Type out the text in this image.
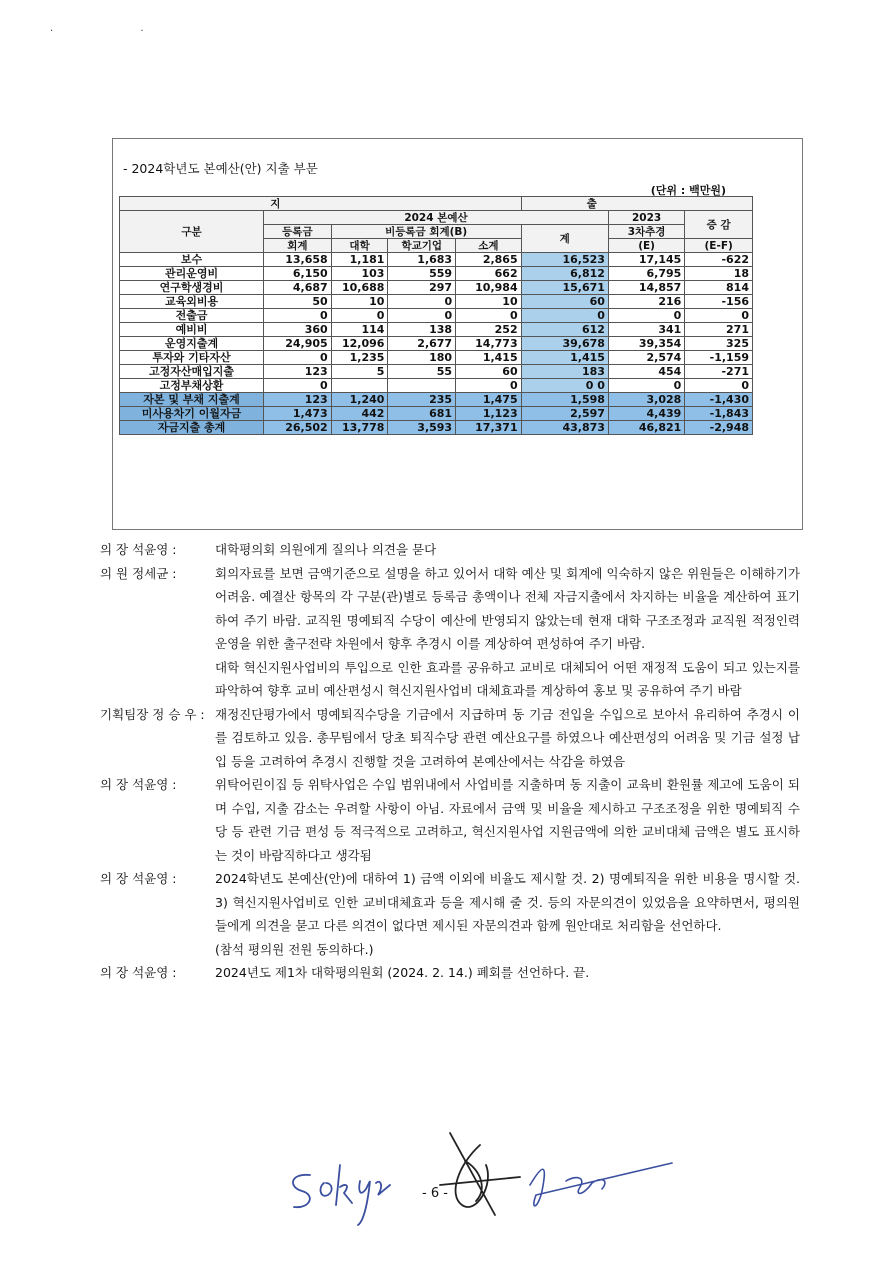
· ·
- 2024학년도 본예산(안) 지출 부문
(단위 : 백만원)
지					출		
구분	2024 본예산					2023	증 감
	등록금	비등록금 회계(B)			계	3차추경	
	회계	대학	학교기업	소계		(E)	(E-F)
보수	13,658	1,181	1,683	2,865	16,523	17,145	-622
관리운영비	6,150	103	559	662	6,812	6,795	18
연구학생경비	4,687	10,688	297	10,984	15,671	14,857	814
교육외비용	50	10	0	10	60	216	-156
전출금	0	0	0	0	0	0	0
예비비	360	114	138	252	612	341	271
운영지출계	24,905	12,096	2,677	14,773	39,678	39,354	325
투자와 기타자산	0	1,235	180	1,415	1,415	2,574	-1,159
고정자산매입지출	123	5	55	60	183	454	-271
고정부채상환	0			0	0 0	0	0
자본 및 부채 지출계	123	1,240	235	1,475	1,598	3,028	-1,430
미사용차기 이월자금	1,473	442	681	1,123	2,597	4,439	-1,843
자금지출 총계	26,502	13,778	3,593	17,371	43,873	46,821	-2,948
의 장 석윤영 :	대학평의회 의원에게 질의나 의견을 묻다
의 원 정세균 :	회의자료를 보면 금액기준으로 설명을 하고 있어서 대학 예산 및 회계에 익숙하지 않은 위원들은 이해하기가 어려움. 예결산 항목의 각 구분(관)별로 등록금 총액이나 전체 자금지출에서 차지하는 비율을 계산하여 표기하여 주기 바람. 교직원 명예퇴직 수당이 예산에 반영되지 않았는데 현재 대학 구조조정과 교직원 적정인력 운영을 위한 출구전략 차원에서 향후 추경시 이를 계상하여 편성하여 주기 바람.
대학 혁신지원사업비의 투입으로 인한 효과를 공유하고 교비로 대체되어 어떤 재정적 도움이 되고 있는지를 파악하여 향후 교비 예산편성시 혁신지원사업비 대체효과를 계상하여 홍보 및 공유하여 주기 바람
기획팀장 정 승 우 : 재정진단평가에서 명예퇴직수당을 기금에서 지급하며 동 기금 전입을 수입으로 보아서 유리하여 추경시 이를 검토하고 있음. 총무팀에서 당초 퇴직수당 관련 예산요구를 하였으나 예산편성의 어려움 및 기금 설정 납입 등을 고려하여 추경시 진행할 것을 고려하여 본예산에서는 삭감을 하였음
의 장 석윤영 :	위탁어린이집 등 위탁사업은 수입 범위내에서 사업비를 지출하며 동 지출이 교육비 환원률 제고에 도움이 되며 수입, 지출 감소는 우려할 사항이 아님. 자료에서 금액 및 비율을 제시하고 구조조정을 위한 명예퇴직 수당 등 관련 기금 편성 등 적극적으로 고려하고, 혁신지원사업 지원금액에 의한 교비대체 금액은 별도 표시하는 것이 바람직하다고 생각됨
의 장 석윤영 :	2024학년도 본예산(안)에 대하여 1) 금액 이외에 비율도 제시할 것. 2) 명예퇴직을 위한 비용을 명시할 것. 3) 혁신지원사업비로 인한 교비대체효과 등을 제시해 줄 것. 등의 자문의견이 있었음을 요약하면서, 평의원들에게 의견을 묻고 다른 의견이 없다면 제시된 자문의견과 함께 원안대로 처리함을 선언하다.
(참석 평의원 전원 동의하다.)
의 장 석윤영 :	2024년도 제1차 대학평의원회 (2024. 2. 14.) 폐회를 선언하다. 끝.
- 6 -
